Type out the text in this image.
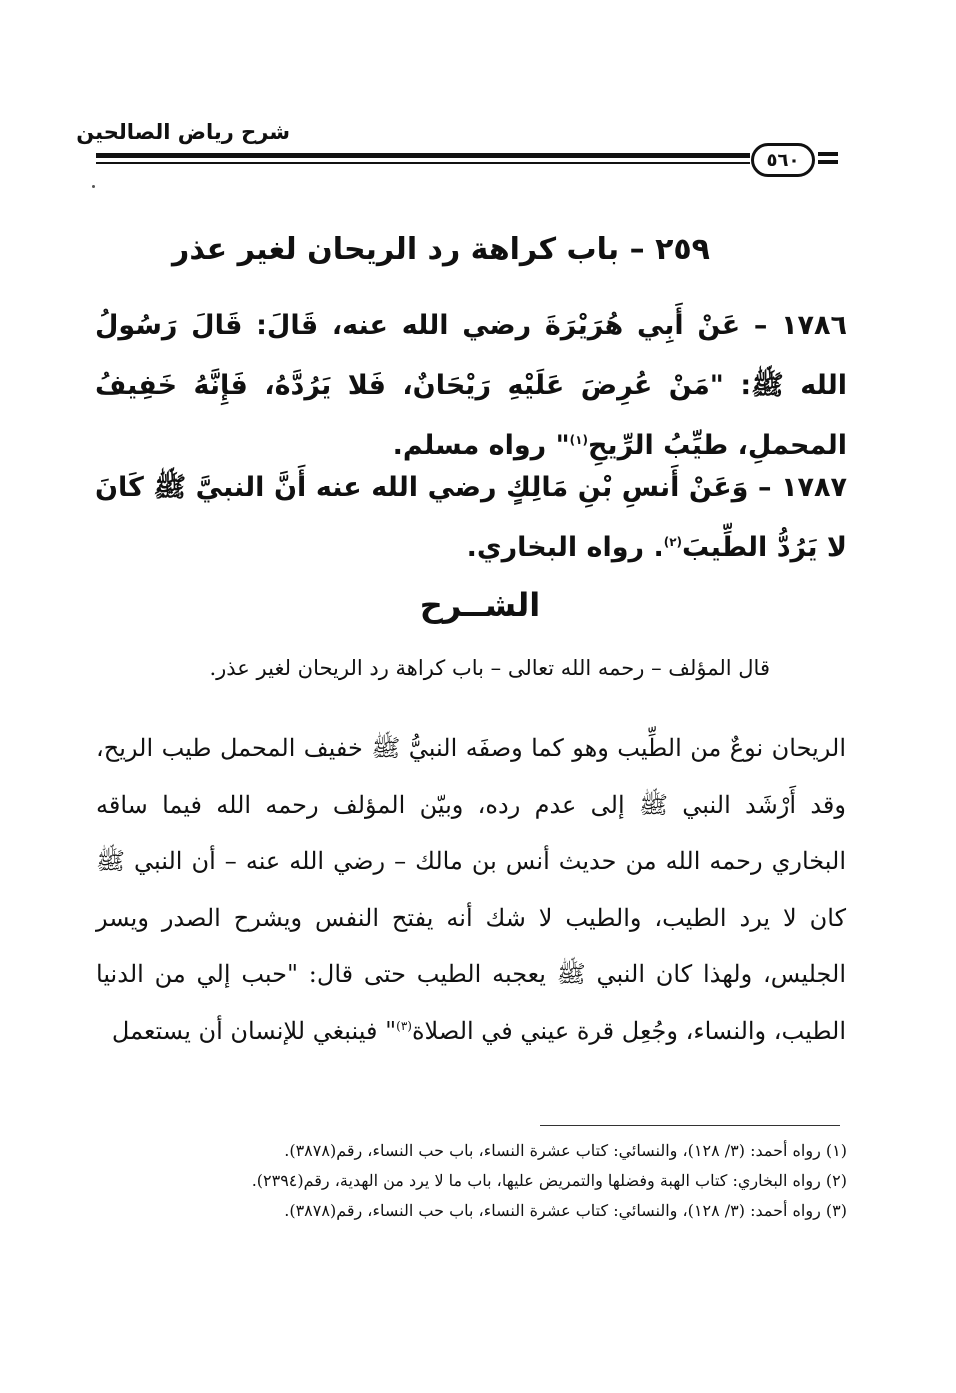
شرح رياض الصالحين
٥٦٠
٢٥٩ – باب كراهة رد الريحان لغير عذر
١٧٨٦ – عَنْ أَبِي هُرَيْرَةَ رضي الله عنه، قَالَ: قَالَ رَسُولُ الله ﷺ: "مَنْ عُرِضَ عَلَيْهِ رَيْحَانٌ، فَلا يَرُدَّهُ، فَإِنَّهُ خَفِيفُ المحملِ، طيِّبُ الرِّيحِ$^{(١)}$" رواه مسلم.
١٧٨٧ – وَعَنْ أَنسِ بْنِ مَالِكٍ رضي الله عنه أَنَّ النبيَّ ﷺ كَانَ لا يَرُدُّ الطِّيبَ$^{(٢)}$. رواه البخاري.
الشــرح
قال المؤلف – رحمه الله تعالى – باب كراهة رد الريحان لغير عذر.
الريحان نوعٌ من الطِّيب وهو كما وصفَه النبيُّ ﷺ خفيف المحمل طيب الريح، وقد أَرْشَد النبي ﷺ إلى عدم رده، وبيّن المؤلف رحمه الله فيما ساقه البخاري رحمه الله من حديث أنس بن مالك – رضي الله عنه – أن النبي ﷺ كان لا يرد الطيب، والطيب لا شك أنه يفتح النفس ويشرح الصدر ويسر الجليس، ولهذا كان النبي ﷺ يعجبه الطيب حتى قال: "حبب إلي من الدنيا الطيب، والنساء، وجُعِل قرة عيني في الصلاة$^{(٣)}$" فينبغي للإنسان أن يستعمل
(١) رواه أحمد: (٣/ ١٢٨)، والنسائي: كتاب عشرة النساء، باب حب النساء، رقم(٣٨٧٨).
(٢) رواه البخاري: كتاب الهبة وفضلها والتمريض عليها، باب ما لا يرد من الهدية، رقم(٢٣٩٤).
(٣) رواه أحمد: (٣/ ١٢٨)، والنسائي: كتاب عشرة النساء، باب حب النساء، رقم(٣٨٧٨).
